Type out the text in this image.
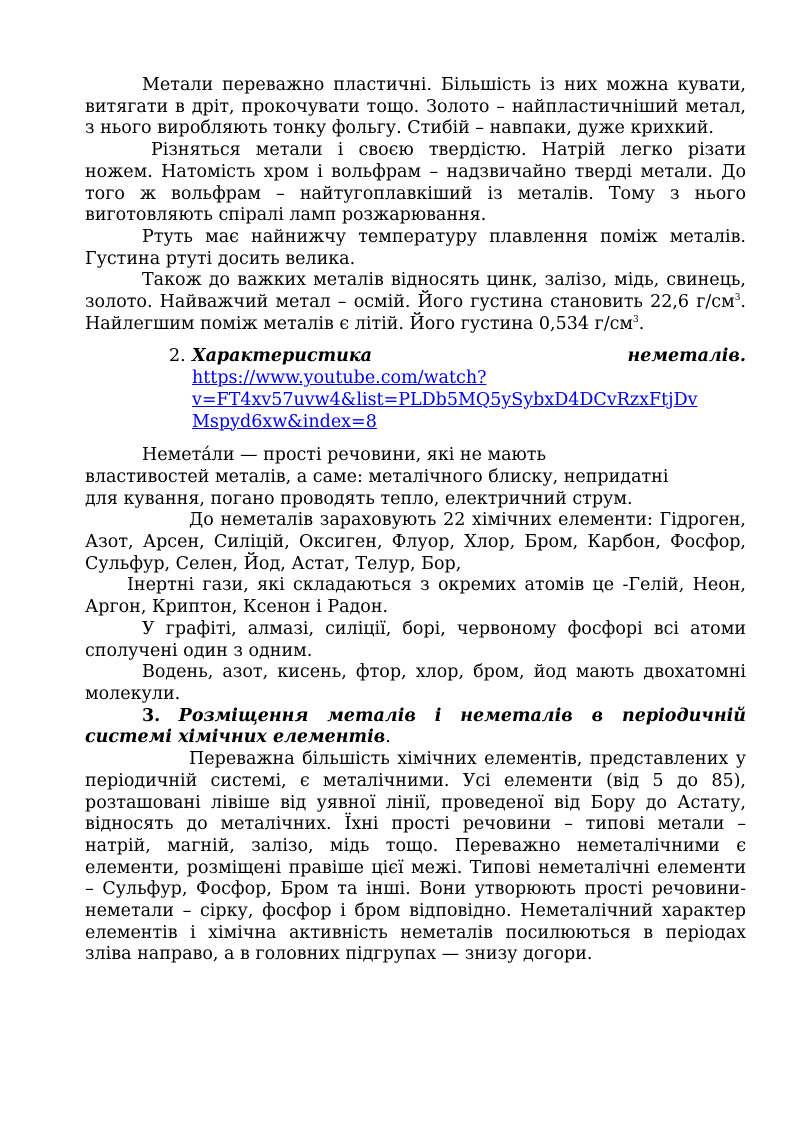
Метали переважно пластичні. Більшість із них можна кувати, витягати в дріт, прокочувати тощо. Золото – найпластичніший метал, з нього виробляють тонку фольгу. Стибій – навпаки, дуже крихкий.

Різняться метали і своєю твердістю. Натрій легко різати ножем. Натомість хром і вольфрам – надзвичайно тверді метали. До того ж вольфрам – найтугоплавкіший із металів. Тому з нього виготовляють спіралі ламп розжарювання.

Ртуть має найнижчу температуру плавлення поміж металів. Густина ртуті досить велика.

Також до важких металів відносять цинк, залізо, мідь, свинець, золото. Найважчий метал – осмій. Його густина становить 22,6 $г/см^3$. Найлегшим поміж металів є літій. Його густина 0,534 $г/см^3$.

2. Характеристика	неметалів.
https://www.youtube.com/watch?
v=FT4xv57uvw4&list=PLDb5MQ5ySybxD4DCvRzxFtjDv
Mspyd6xw&index=8

Немета́ли — прості речовини, які не мають
властивостей металів, а саме: металічного блиску, непридатні
для кування, погано проводять тепло, електричний струм.

До неметалів зараховують 22 хімічних елементи: Гідроген, Азот, Арсен, Силіцій, Оксиген, Флуор, Хлор, Бром, Карбон, Фосфор, Сульфур, Селен, Йод, Астат, Телур, Бор,

Інертні гази, які складаються з окремих атомів це -Гелій, Неон, Аргон, Криптон, Ксенон і Радон.

У графіті, алмазі, силіції, борі, червоному фосфорі всі атоми сполучені один з одним.

Водень, азот, кисень, фтор, хлор, бром, йод мають двохатомні молекули.

3. Розміщення металів і неметалів в періодичній системі хімічних елементів.

Переважна більшість хімічних елементів, представлених у періодичній системі, є металічними. Усі елементи (від 5 до 85), розташовані лівіше від уявної лінії, проведеної від Бору до Астату, відносять до металічних. Їхні прості речовини – типові метали – натрій, магній, залізо, мідь тощо. Переважно неметалічними є елементи, розміщені правіше цієї межі. Типові неметалічні елементи – Сульфур, Фосфор, Бром та інші. Вони утворюють прості речовини-неметали – сірку, фосфор і бром відповідно. Неметалічний характер елементів і хімічна активність неметалів посилюються в періодах зліва направо, а в головних підгрупах — знизу догори.
